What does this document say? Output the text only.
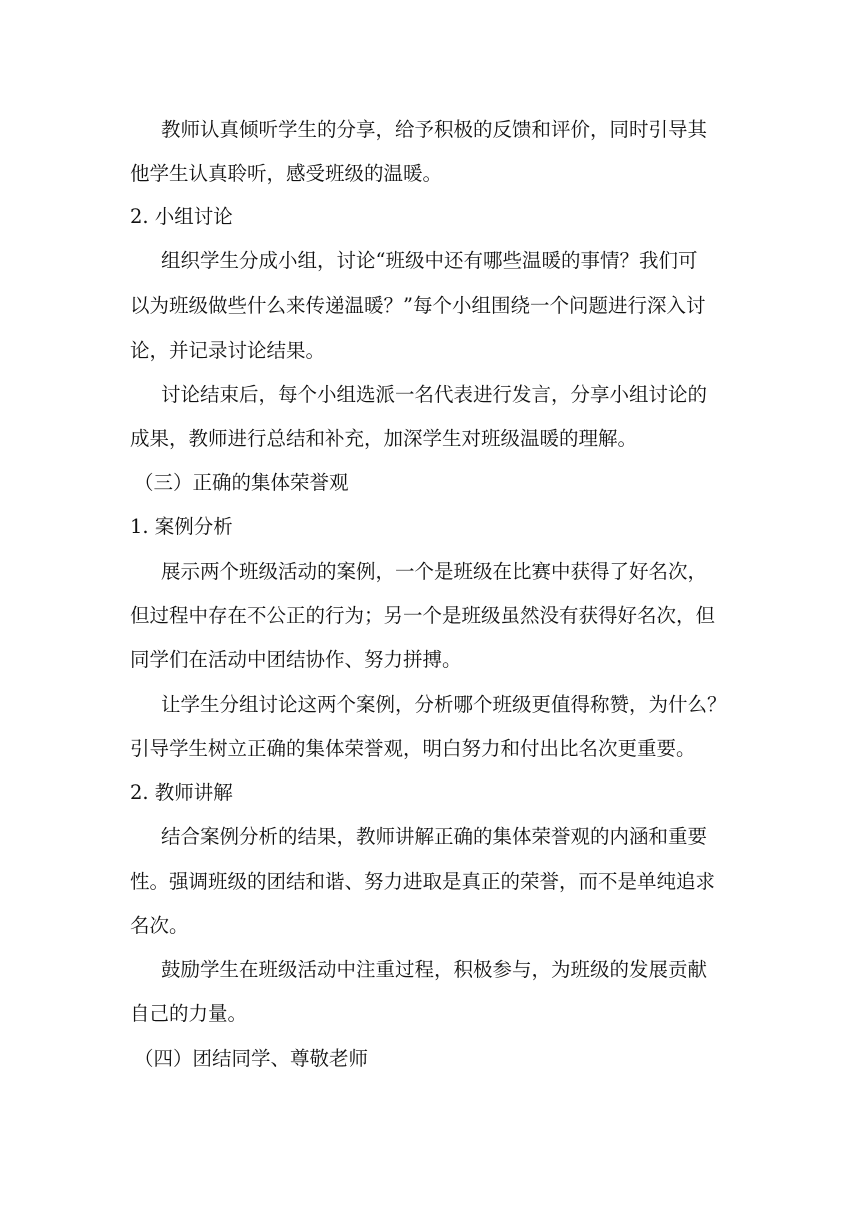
教师认真倾听学生的分享，给予积极的反馈和评价，同时引导其
他学生认真聆听，感受班级的温暖。
2. 小组讨论
组织学生分成小组，讨论“班级中还有哪些温暖的事情？我们可
以为班级做些什么来传递温暖？”每个小组围绕一个问题进行深入讨
论，并记录讨论结果。
讨论结束后，每个小组选派一名代表进行发言，分享小组讨论的
成果，教师进行总结和补充，加深学生对班级温暖的理解。
（三）正确的集体荣誉观
1. 案例分析
展示两个班级活动的案例，一个是班级在比赛中获得了好名次，
但过程中存在不公正的行为；另一个是班级虽然没有获得好名次，但
同学们在活动中团结协作、努力拼搏。
让学生分组讨论这两个案例，分析哪个班级更值得称赞，为什么？
引导学生树立正确的集体荣誉观，明白努力和付出比名次更重要。
2. 教师讲解
结合案例分析的结果，教师讲解正确的集体荣誉观的内涵和重要
性。强调班级的团结和谐、努力进取是真正的荣誉，而不是单纯追求
名次。
鼓励学生在班级活动中注重过程，积极参与，为班级的发展贡献
自己的力量。
（四）团结同学、尊敬老师
